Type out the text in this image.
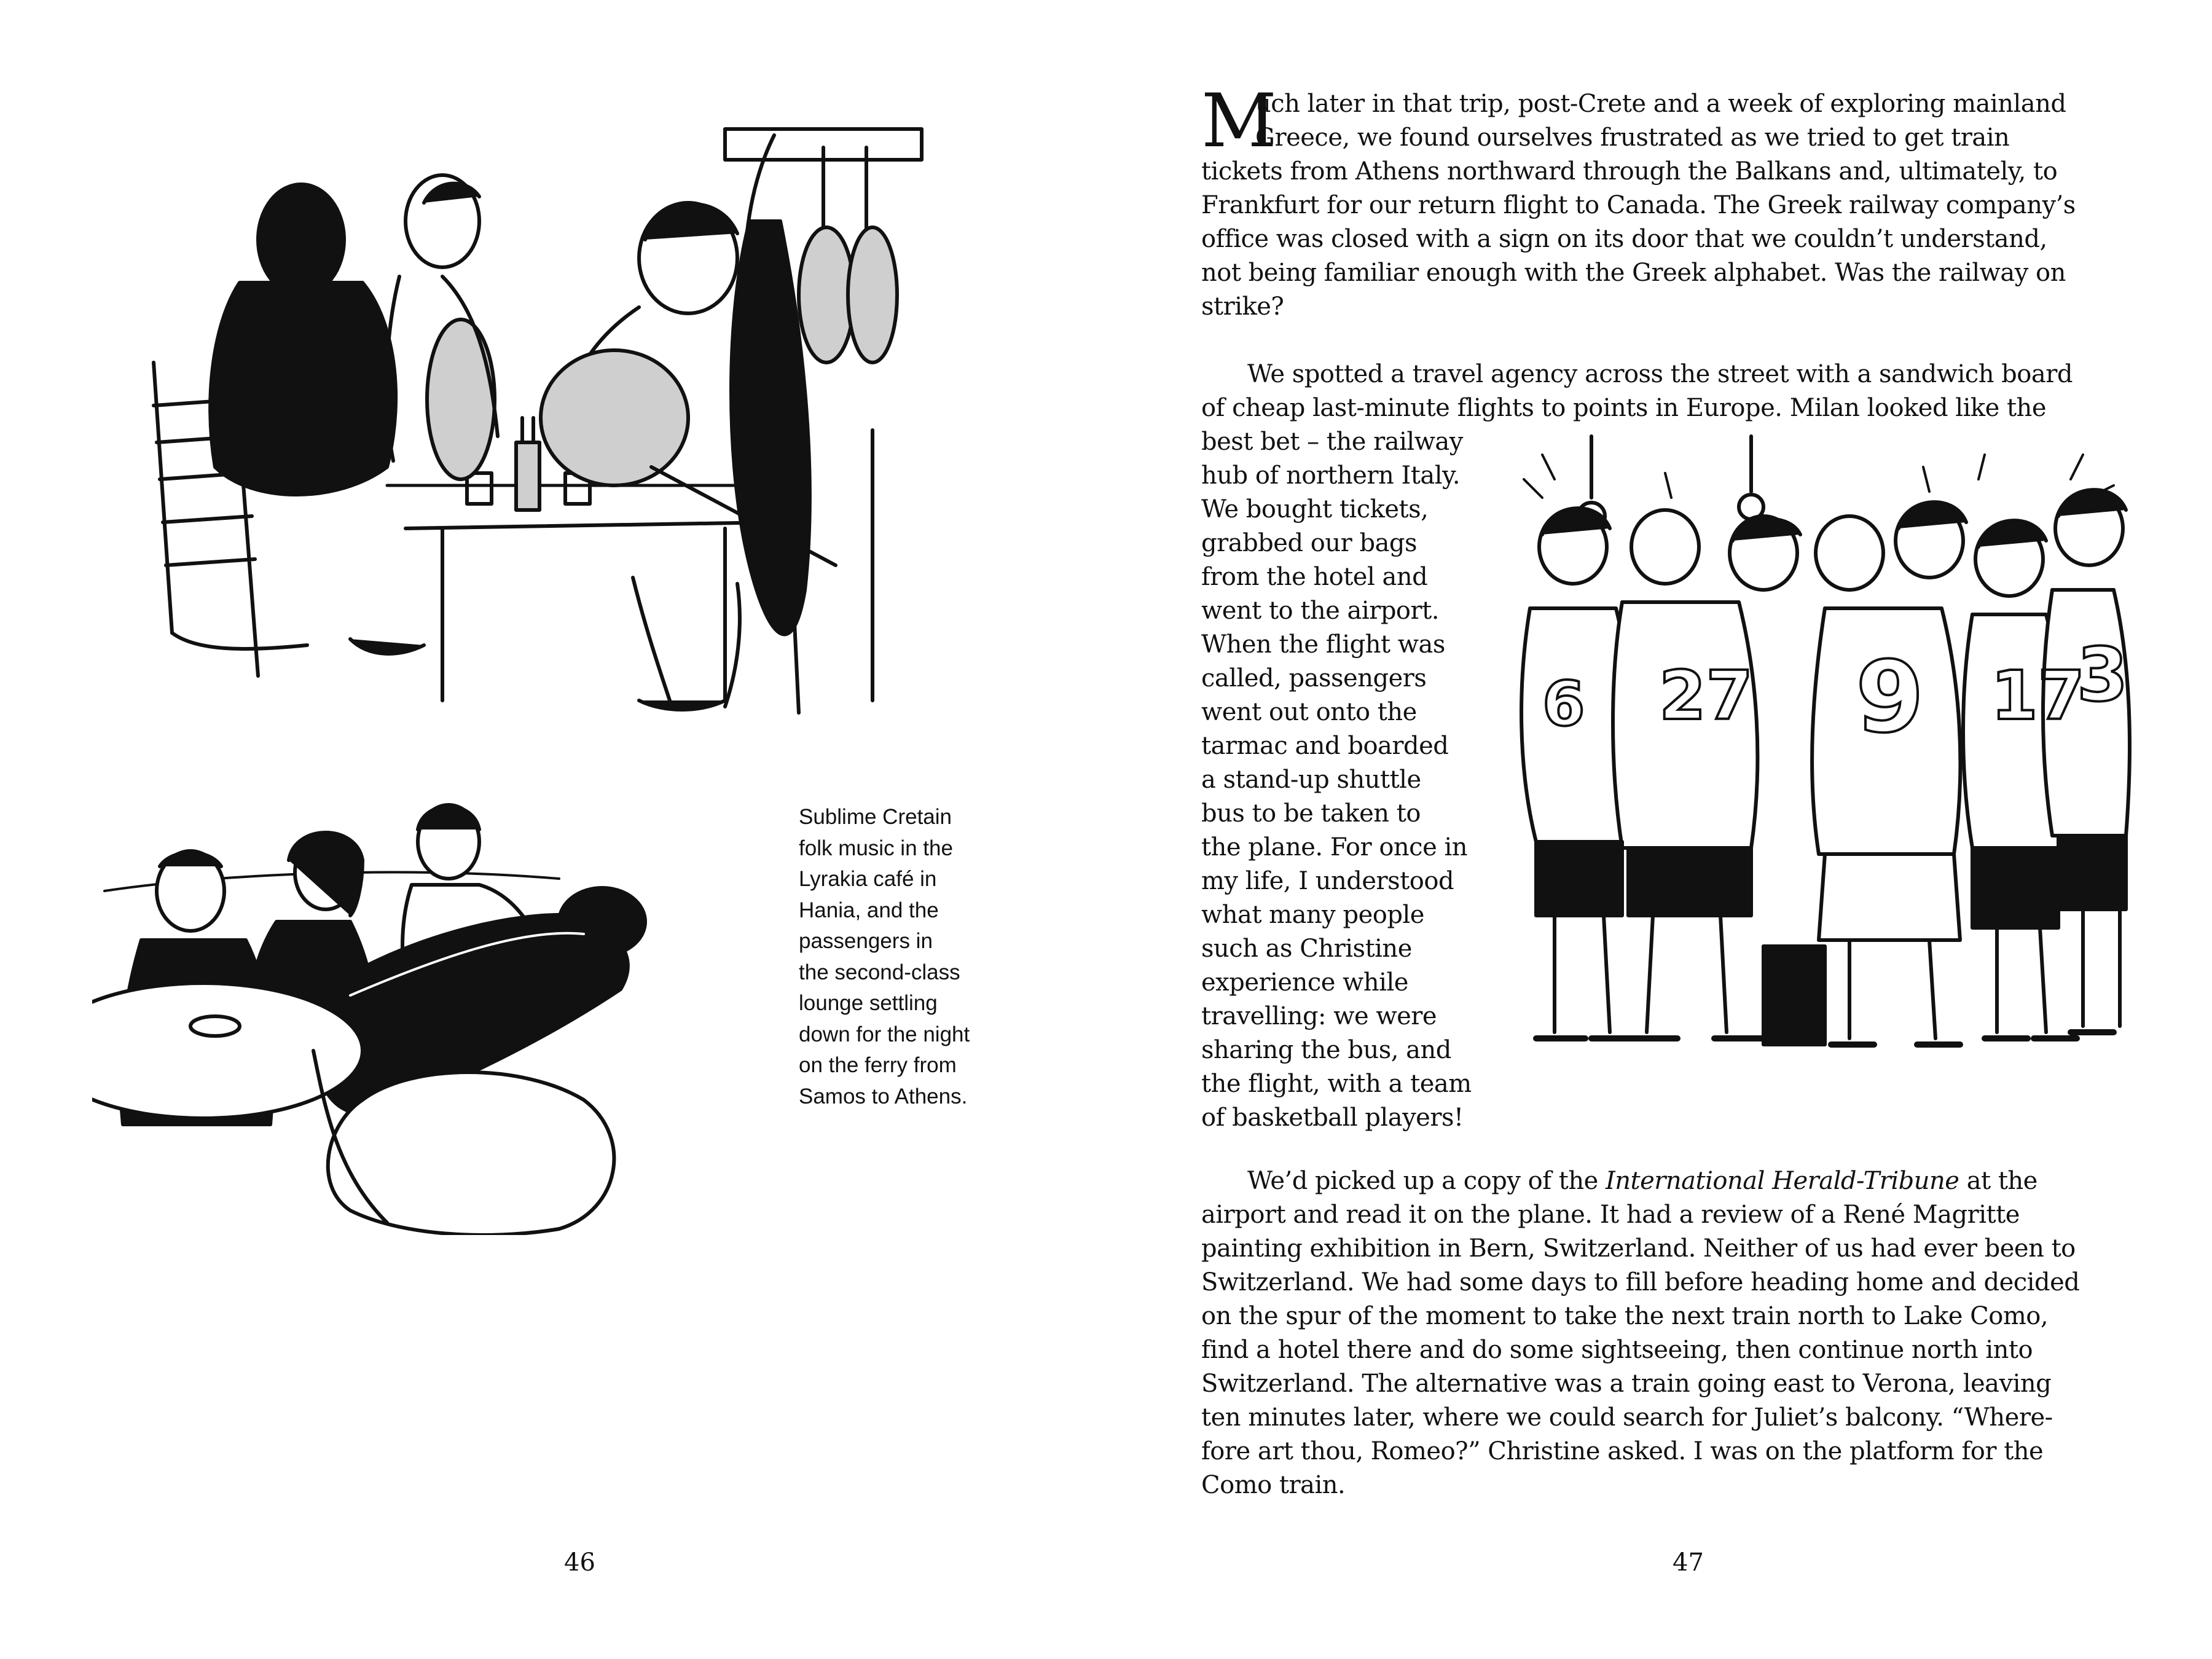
Sublime Cretain
folk music in the
Lyrakia café in
Hania, and the
passengers in
the second-class
lounge settling
down for the night
on the ferry from
Samos to Athens.
46
M
uch later in that trip, post-Crete and a week of exploring mainland
Greece, we found ourselves frustrated as we tried to get train
tickets from Athens northward through the Balkans and, ultimately, to
Frankfurt for our return flight to Canada. The Greek railway company’s
office was closed with a sign on its door that we couldn’t understand,
not being familiar enough with the Greek alphabet. Was the railway on
strike?
We spotted a travel agency across the street with a sandwich board
of cheap last-minute flights to points in Europe. Milan looked like the
best bet – the railway
hub of northern Italy.
We bought tickets,
grabbed our bags
from the hotel and
went to the airport.
When the flight was
called, passengers
went out onto the
tarmac and boarded
a stand-up shuttle
bus to be taken to
the plane. For once in
my life, I understood
what many people
such as Christine
experience while
travelling: we were
sharing the bus, and
the flight, with a team
of basketball players!
27 9 17
3
6
We’d picked up a copy of the International Herald-Tribune at the
airport and read it on the plane. It had a review of a René Magritte
painting exhibition in Bern, Switzerland. Neither of us had ever been to
Switzerland. We had some days to fill before heading home and decided
on the spur of the moment to take the next train north to Lake Como,
find a hotel there and do some sightseeing, then continue north into
Switzerland. The alternative was a train going east to Verona, leaving
ten minutes later, where we could search for Juliet’s balcony. “Where-
fore art thou, Romeo?” Christine asked. I was on the platform for the
Como train.
47
